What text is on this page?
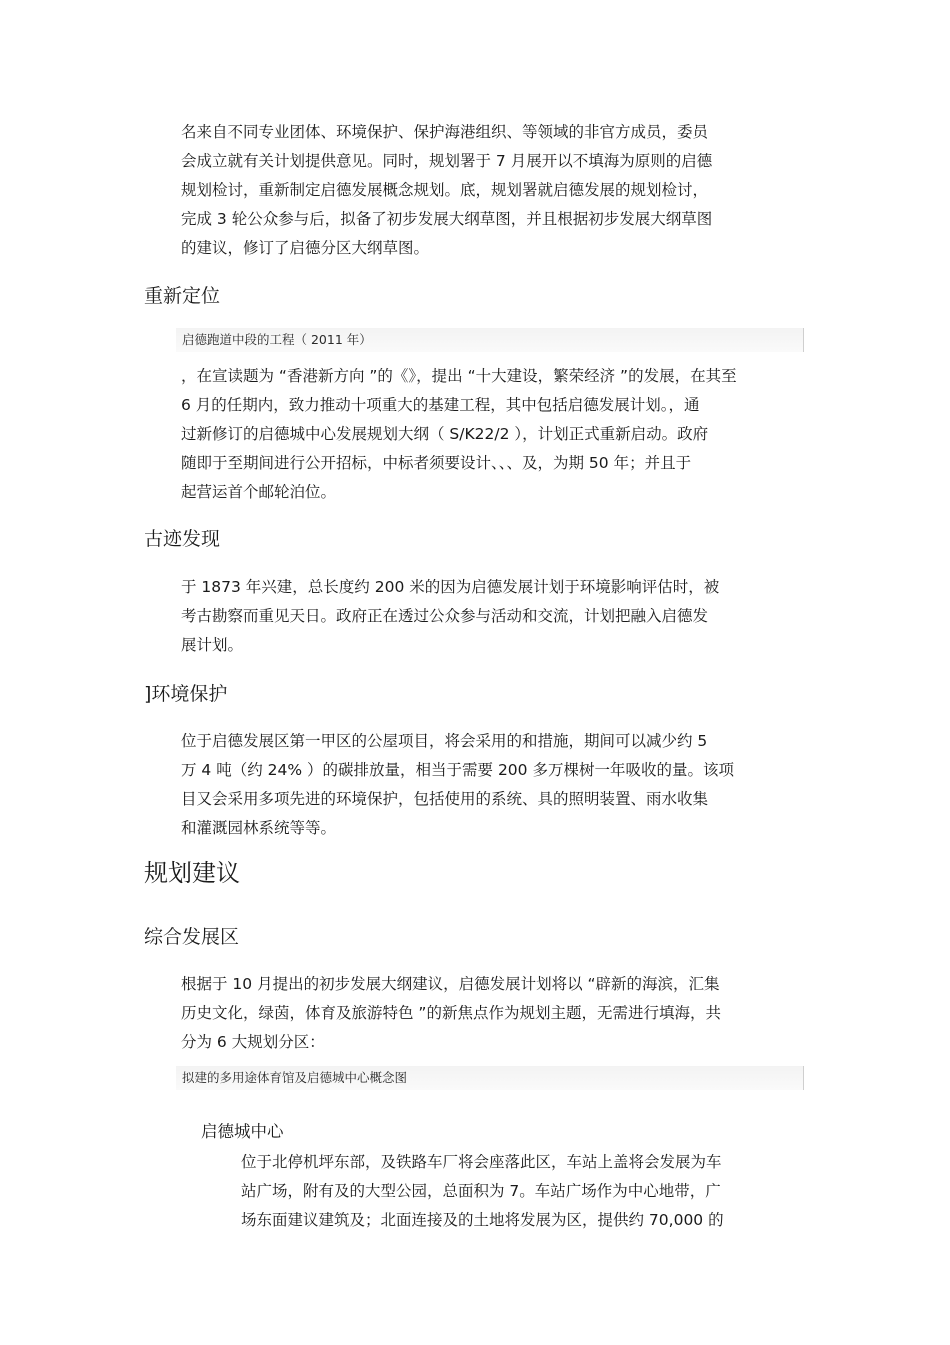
名来自不同专业团体、环境保护、保护海港组织、等领域的非官方成员，委员
会成立就有关计划提供意见。同时，规划署于 7 月展开以不填海为原则的启德
规划检讨，重新制定启德发展概念规划。底，规划署就启德发展的规划检讨，
完成 3 轮公众参与后，拟备了初步发展大纲草图，并且根据初步发展大纲草图
的建议，修订了启德分区大纲草图。
重新定位
启德跑道中段的工程（ 2011 年）
，在宣读题为 “香港新方向 ”的《》，提出 “十大建设，繁荣经济 ”的发展，在其至
6 月的任期内，致力推动十项重大的基建工程，其中包括启德发展计划。，通
过新修订的启德城中心发展规划大纲（ S/K22/2 ），计划正式重新启动。政府
随即于至期间进行公开招标，中标者须要设计、、、及，为期 50 年；并且于
起营运首个邮轮泊位。
古迹发现
于 1873 年兴建，总长度约 200 米的因为启德发展计划于环境影响评估时，被
考古勘察而重见天日。政府正在透过公众参与活动和交流，计划把融入启德发
展计划。
]环境保护
位于启德发展区第一甲区的公屋项目，将会采用的和措施，期间可以减少约 5
万 4 吨（约 24% ）的碳排放量，相当于需要 200 多万棵树一年吸收的量。该项
目又会采用多项先进的环境保护，包括使用的系统、具的照明装置、雨水收集
和灌溉园林系统等等。
规划建议
综合发展区
根据于 10 月提出的初步发展大纲建议，启德发展计划将以 “辟新的海滨，汇集
历史文化，绿茵，体育及旅游特色 ”的新焦点作为规划主题，无需进行填海，共
分为 6 大规划分区：
拟建的多用途体育馆及启德城中心概念图
启德城中心
位于北停机坪东部，及铁路车厂将会座落此区，车站上盖将会发展为车
站广场，附有及的大型公园，总面积为 7。车站广场作为中心地带，广
场东面建议建筑及；北面连接及的土地将发展为区，提供约 70,000 的
